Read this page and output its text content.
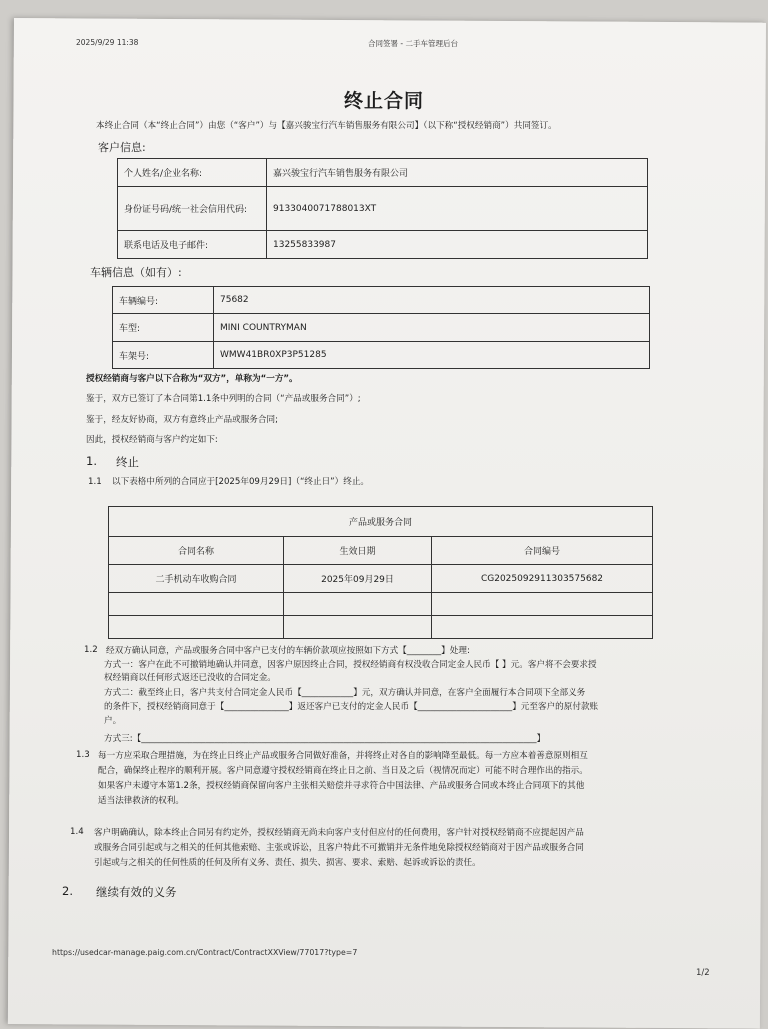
2025/9/29 11:38	合同签署 - 二手车管理后台
终止合同
本终止合同（本“终止合同”）由您（“客户”）与【嘉兴骏宝行汽车销售服务有限公司】（以下称“授权经销商”）共同签订。
客户信息:
个人姓名/企业名称:	嘉兴骏宝行汽车销售服务有限公司
身份证号码/统一社会信用代码:	913304007178801​3XT
联系电话及电子邮件:	13255833987
车辆信息（如有）:
车辆编号:	75682
车型:	MINI COUNTRYMAN
车架号:	WMW41BR0XP3P51285
授权经销商与客户以下合称为“双方”，单称为“一方”。
鉴于，双方已签订了本合同第1.1条中列明的合同（“产品或服务合同”）;
鉴于，经友好协商，双方有意终止产品或服务合同;
因此，授权经销商与客户约定如下:
1. 终止
1.1 以下表格中所列的合同应于[2025年09月29日]（“终止日”）终止。
产品或服务合同		
合同名称	生效日期	合同编号
二手机动车收购合同	2025年09月29日	CG2025092911303575682

1.2 经双方确认同意，产品或服务合同中客户已支付的车辆价款项应按照如下方式【________】处理:
方式一：客户在此不可撤销地确认并同意，因客户原因终止合同，授权经销商有权没收合同定金人民币【 】元。客户将不会要求授
权经销商以任何形式返还已没收的合同定金。
方式二：截至终止日，客户共支付合同定金人民币【____________】元，双方确认并同意，在客户全面履行本合同项下全部义务
的条件下，授权经销商同意于【_______________】返还客户已支付的定金人民币【______________________】元至客户的原付款账
户。
方式三:【____________________________________________________________________________________________】
1.3 每一方应采取合理措施，为在终止日终止产品或服务合同做好准备，并将终止对各自的影响降至最低。每一方应本着善意原则相互
配合，确保终止程序的顺利开展。客户同意遵守授权经销商在终止日之前、当日及之后（视情况而定）可能不时合理作出的指示。
如果客户未遵守本第1.2条，授权经销商保留向客户主张相关赔偿并寻求符合中国法律、产品或服务合同或本终止合同项下的其他
适当法律救济的权利。
1.4 客户明确确认，除本终止合同另有约定外，授权经销商无尚未向客户支付但应付的任何费用，客户针对授权经销商不应提起因产品
或服务合同引起或与之相关的任何其他索赔、主张或诉讼，且客户特此不可撤销并无条件地免除授权经销商对于因产品或服务合同
引起或与之相关的任何性质的任何及所有义务、责任、损失、损害、要求、索赔、起诉或诉讼的责任。
2. 继续有效的义务
https://usedcar-manage.paig.com.cn/Contract/ContractXXView/77017?type=7
1/2
